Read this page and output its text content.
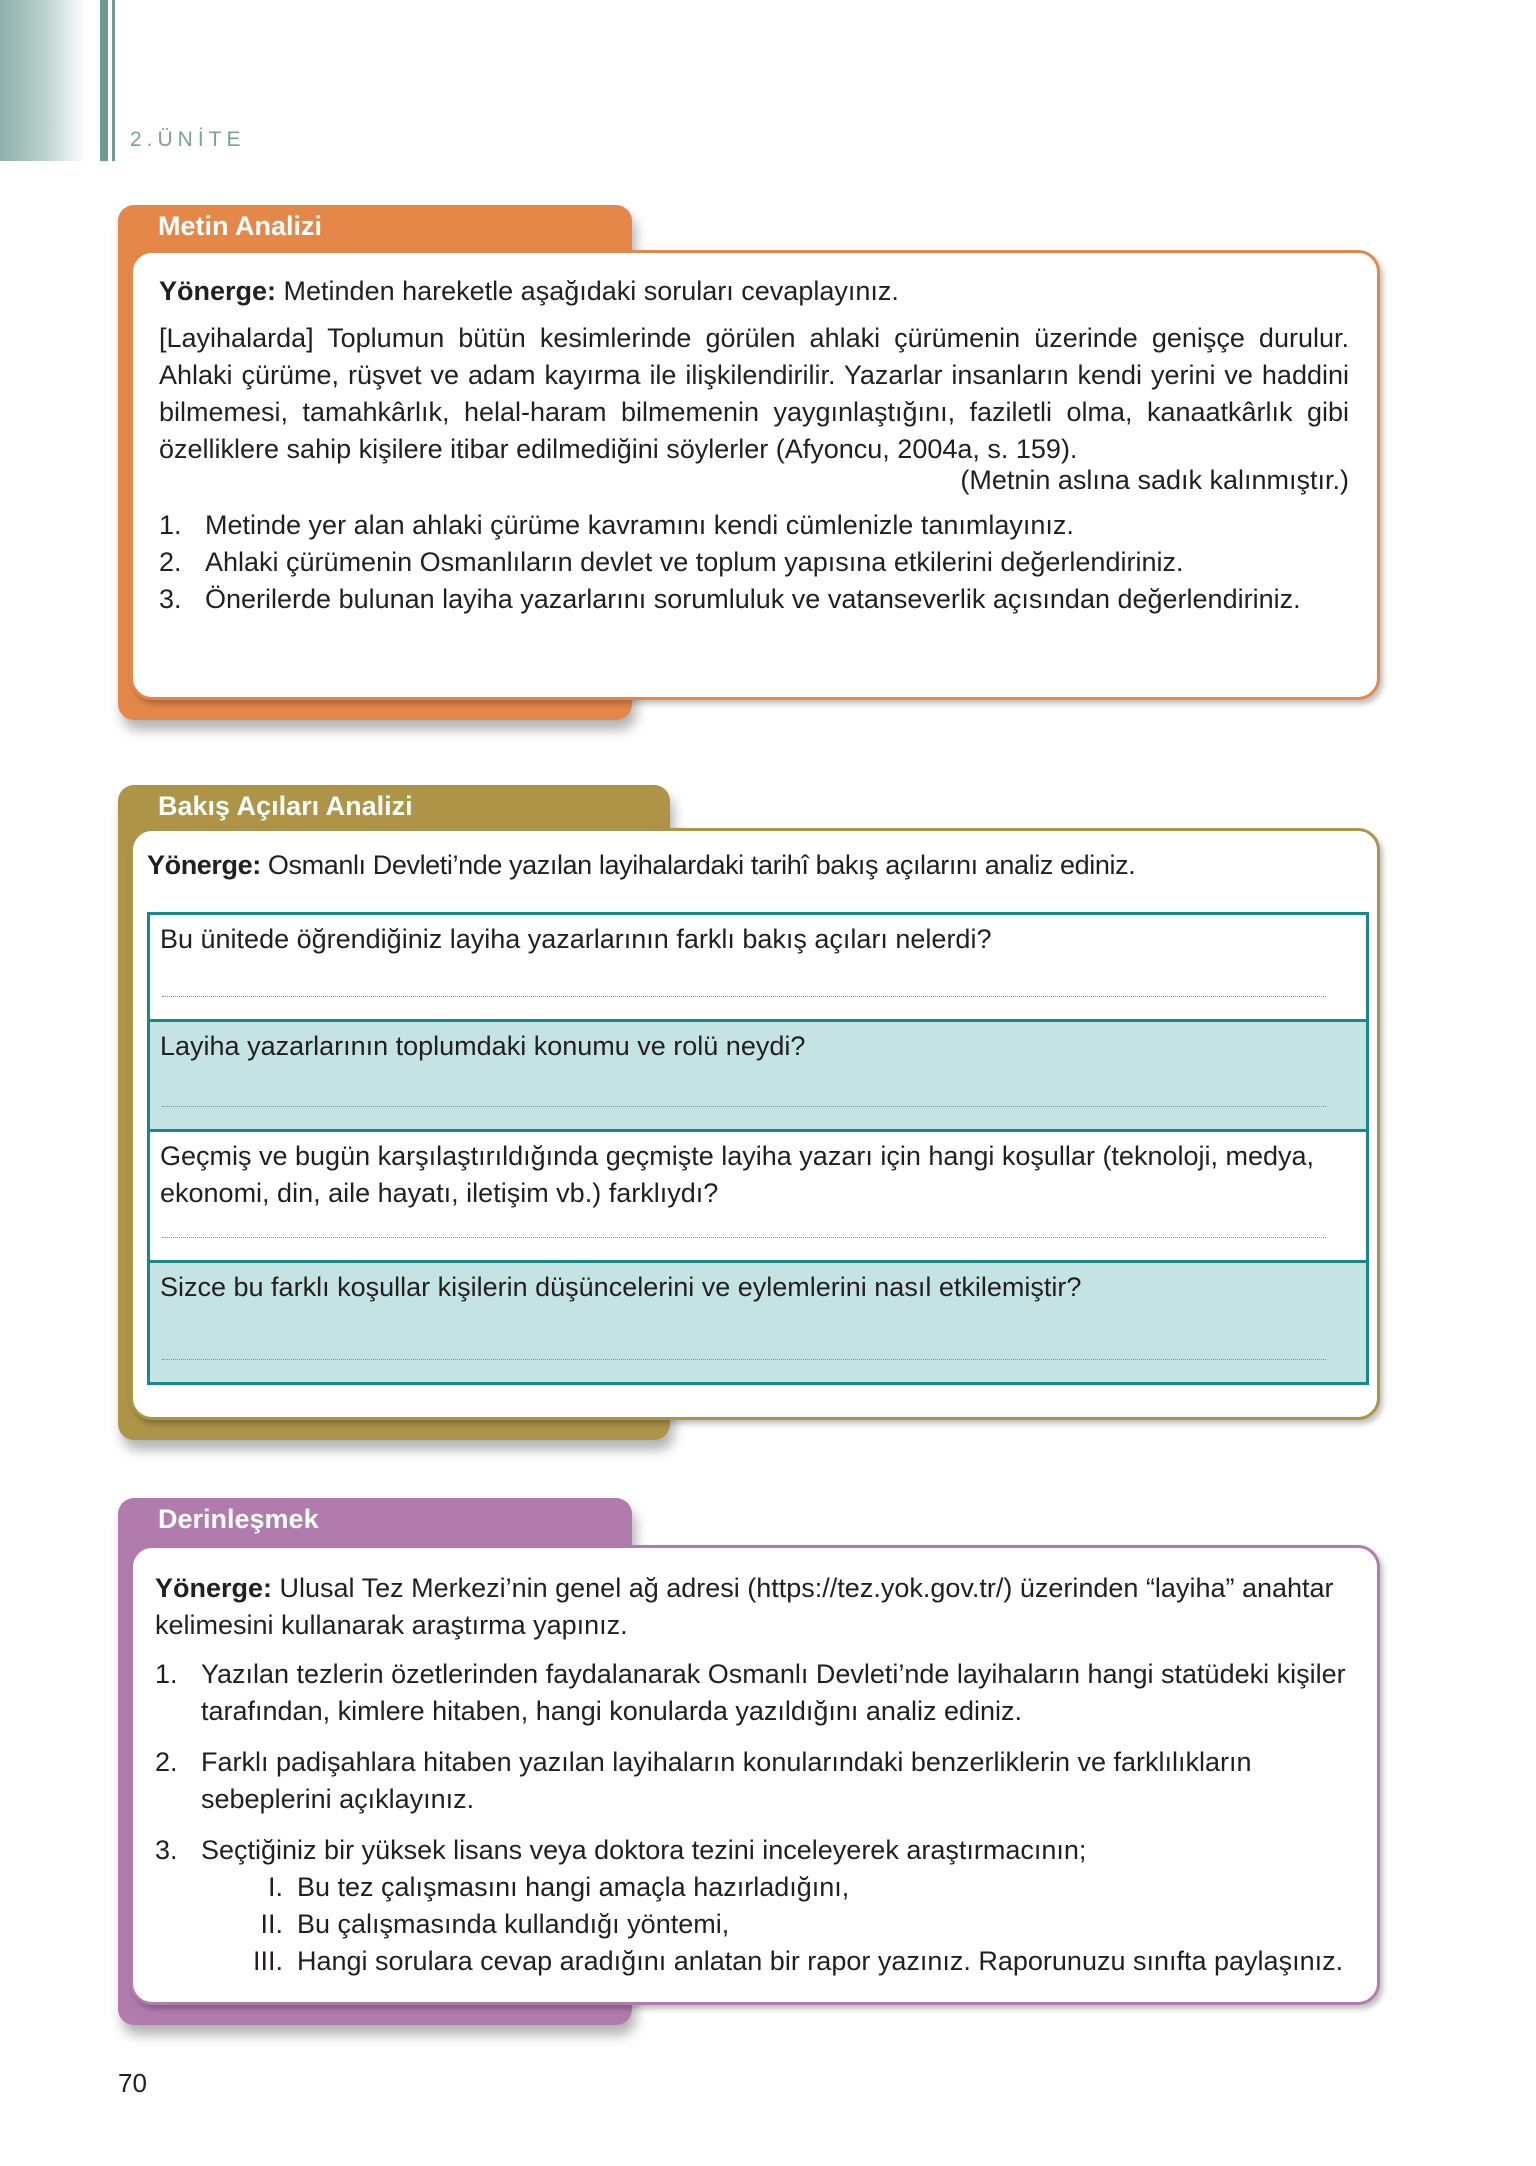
2.ÜNİTE
Metin Analizi

Yönerge: Metinden hareketle aşağıdaki soruları cevaplayınız.

[Layihalarda] Toplumun bütün kesimlerinde görülen ahlaki çürümenin üzerinde genişçe durulur. Ahlaki çürüme, rüşvet ve adam kayırma ile ilişkilendirilir. Yazarlar insanların kendi yerini ve haddini bilmemesi, tamahkârlık, helal-haram bilmemenin yaygınlaştığını, faziletli olma, kanaatkârlık gibi özelliklere sahip kişilere itibar edilmediğini söylerler (Afyoncu, 2004a, s. 159).

(Metnin aslına sadık kalınmıştır.)

1. Metinde yer alan ahlaki çürüme kavramını kendi cümlenizle tanımlayınız.
2. Ahlaki çürümenin Osmanlıların devlet ve toplum yapısına etkilerini değerlendiriniz.
3. Önerilerde bulunan layiha yazarlarını sorumluluk ve vatanseverlik açısından değerlendiriniz.
Bakış Açıları Analizi

Yönerge: Osmanlı Devleti’nde yazılan layihalardaki tarihî bakış açılarını analiz ediniz.

Bu ünitede öğrendiğiniz layiha yazarlarının farklı bakış açıları nelerdi?
Layiha yazarlarının toplumdaki konumu ve rolü neydi?
Geçmiş ve bugün karşılaştırıldığında geçmişte layiha yazarı için hangi koşullar (teknoloji, medya, ekonomi, din, aile hayatı, iletişim vb.) farklıydı?
Sizce bu farklı koşullar kişilerin düşüncelerini ve eylemlerini nasıl etkilemiştir?
Derinleşmek

Yönerge: Ulusal Tez Merkezi’nin genel ağ adresi (https://tez.yok.gov.tr/) üzerinden “layiha” anahtar kelimesini kullanarak araştırma yapınız.

1. Yazılan tezlerin özetlerinden faydalanarak Osmanlı Devleti’nde layihaların hangi statüdeki kişiler tarafından, kimlere hitaben, hangi konularda yazıldığını analiz ediniz.
2. Farklı padişahlara hitaben yazılan layihaların konularındaki benzerliklerin ve farklılıkların sebeplerini açıklayınız.
3. Seçtiğiniz bir yüksek lisans veya doktora tezini inceleyerek araştırmacının;
I. Bu tez çalışmasını hangi amaçla hazırladığını,
II. Bu çalışmasında kullandığı yöntemi,
III. Hangi sorulara cevap aradığını anlatan bir rapor yazınız. Raporunuzu sınıfta paylaşınız.
70
